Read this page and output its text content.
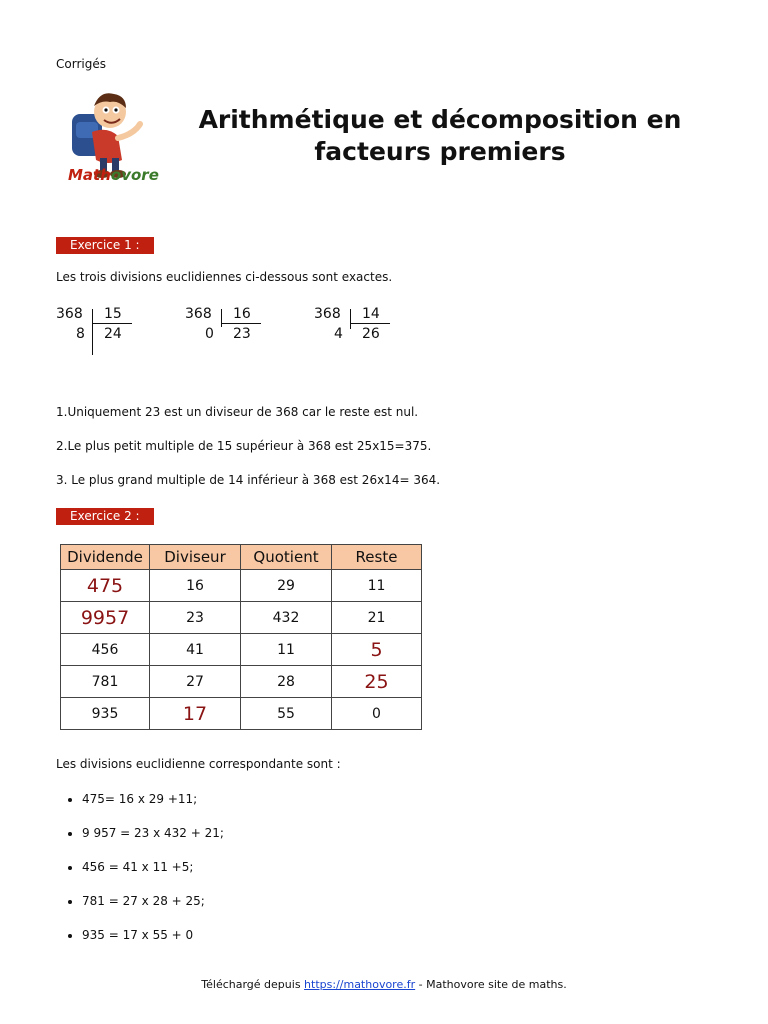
Corrigés
Mathovore
Arithmétique et décomposition en
facteurs premiers
Exercice 1 :
Les trois divisions euclidiennes ci-dessous sont exactes.
368 15
8 24
368 16
0 23
368 14
4 26
1.Uniquement 23 est un diviseur de 368 car le reste est nul.
2.Le plus petit multiple de 15 supérieur à 368 est 25x15=375.
3. Le plus grand multiple de 14 inférieur à 368 est 26x14= 364.
Exercice 2 :
Dividende	Diviseur	Quotient	Reste
475	16	29	11
9957	23	432	21
456	41	11	5
781	27	28	25
935	17	55	0
Les divisions euclidienne correspondante sont :
• 475= 16 x 29 +11;
• 9 957 = 23 x 432 + 21;
• 456 = 41 x 11 +5;
• 781 = 27 x 28 + 25;
• 935 = 17 x 55 + 0
Téléchargé depuis https://mathovore.fr - Mathovore site de maths.
